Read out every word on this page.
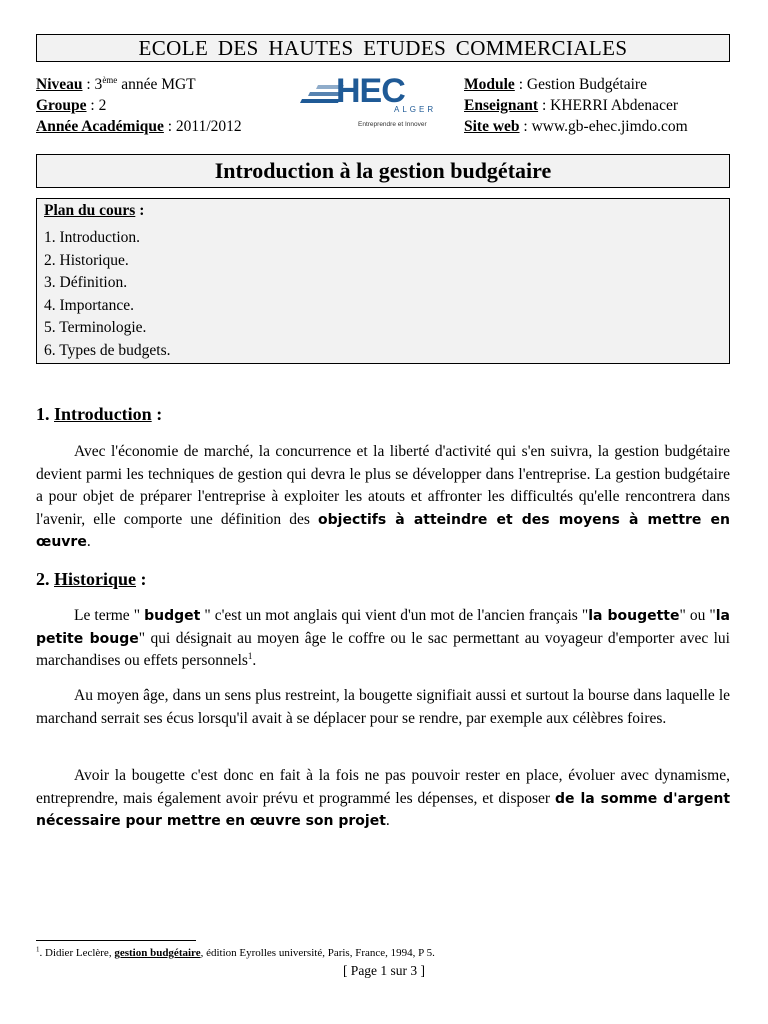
ECOLE DES HAUTES ETUDES COMMERCIALES
Niveau : 3ème année MGT
Groupe : 2
Année Académique : 2011/2012
HEC
ALGER
Entreprendre et Innover
Module : Gestion Budgétaire
Enseignant : KHERRI Abdenacer
Site web : www.gb-ehec.jimdo.com
Introduction à la gestion budgétaire
Plan du cours :
1. Introduction.
2. Historique.
3. Définition.
4. Importance.
5. Terminologie.
6. Types de budgets.
1. Introduction :
Avec l'économie de marché, la concurrence et la liberté d'activité qui s'en suivra, la gestion budgétaire devient parmi les techniques de gestion qui devra le plus se développer dans l'entreprise. La gestion budgétaire a pour objet de préparer l'entreprise à exploiter les atouts et affronter les difficultés qu'elle rencontrera dans l'avenir, elle comporte une définition des objectifs à atteindre et des moyens à mettre en œuvre.
2. Historique :
Le terme " budget " c'est un mot anglais qui vient d'un mot de l'ancien français "la bougette" ou "la petite bouge" qui désignait au moyen âge le coffre ou le sac permettant au voyageur d'emporter avec lui marchandises ou effets personnels$^1$.
Au moyen âge, dans un sens plus restreint, la bougette signifiait aussi et surtout la bourse dans laquelle le marchand serrait ses écus lorsqu'il avait à se déplacer pour se rendre, par exemple aux célèbres foires.
Avoir la bougette c'est donc en fait à la fois ne pas pouvoir rester en place, évoluer avec dynamisme, entreprendre, mais également avoir prévu et programmé les dépenses, et disposer de la somme d'argent nécessaire pour mettre en œuvre son projet.
$^1$. Didier Leclère, gestion budgétaire, édition Eyrolles université, Paris, France, 1994, P 5.
[ Page 1 sur 3 ]
